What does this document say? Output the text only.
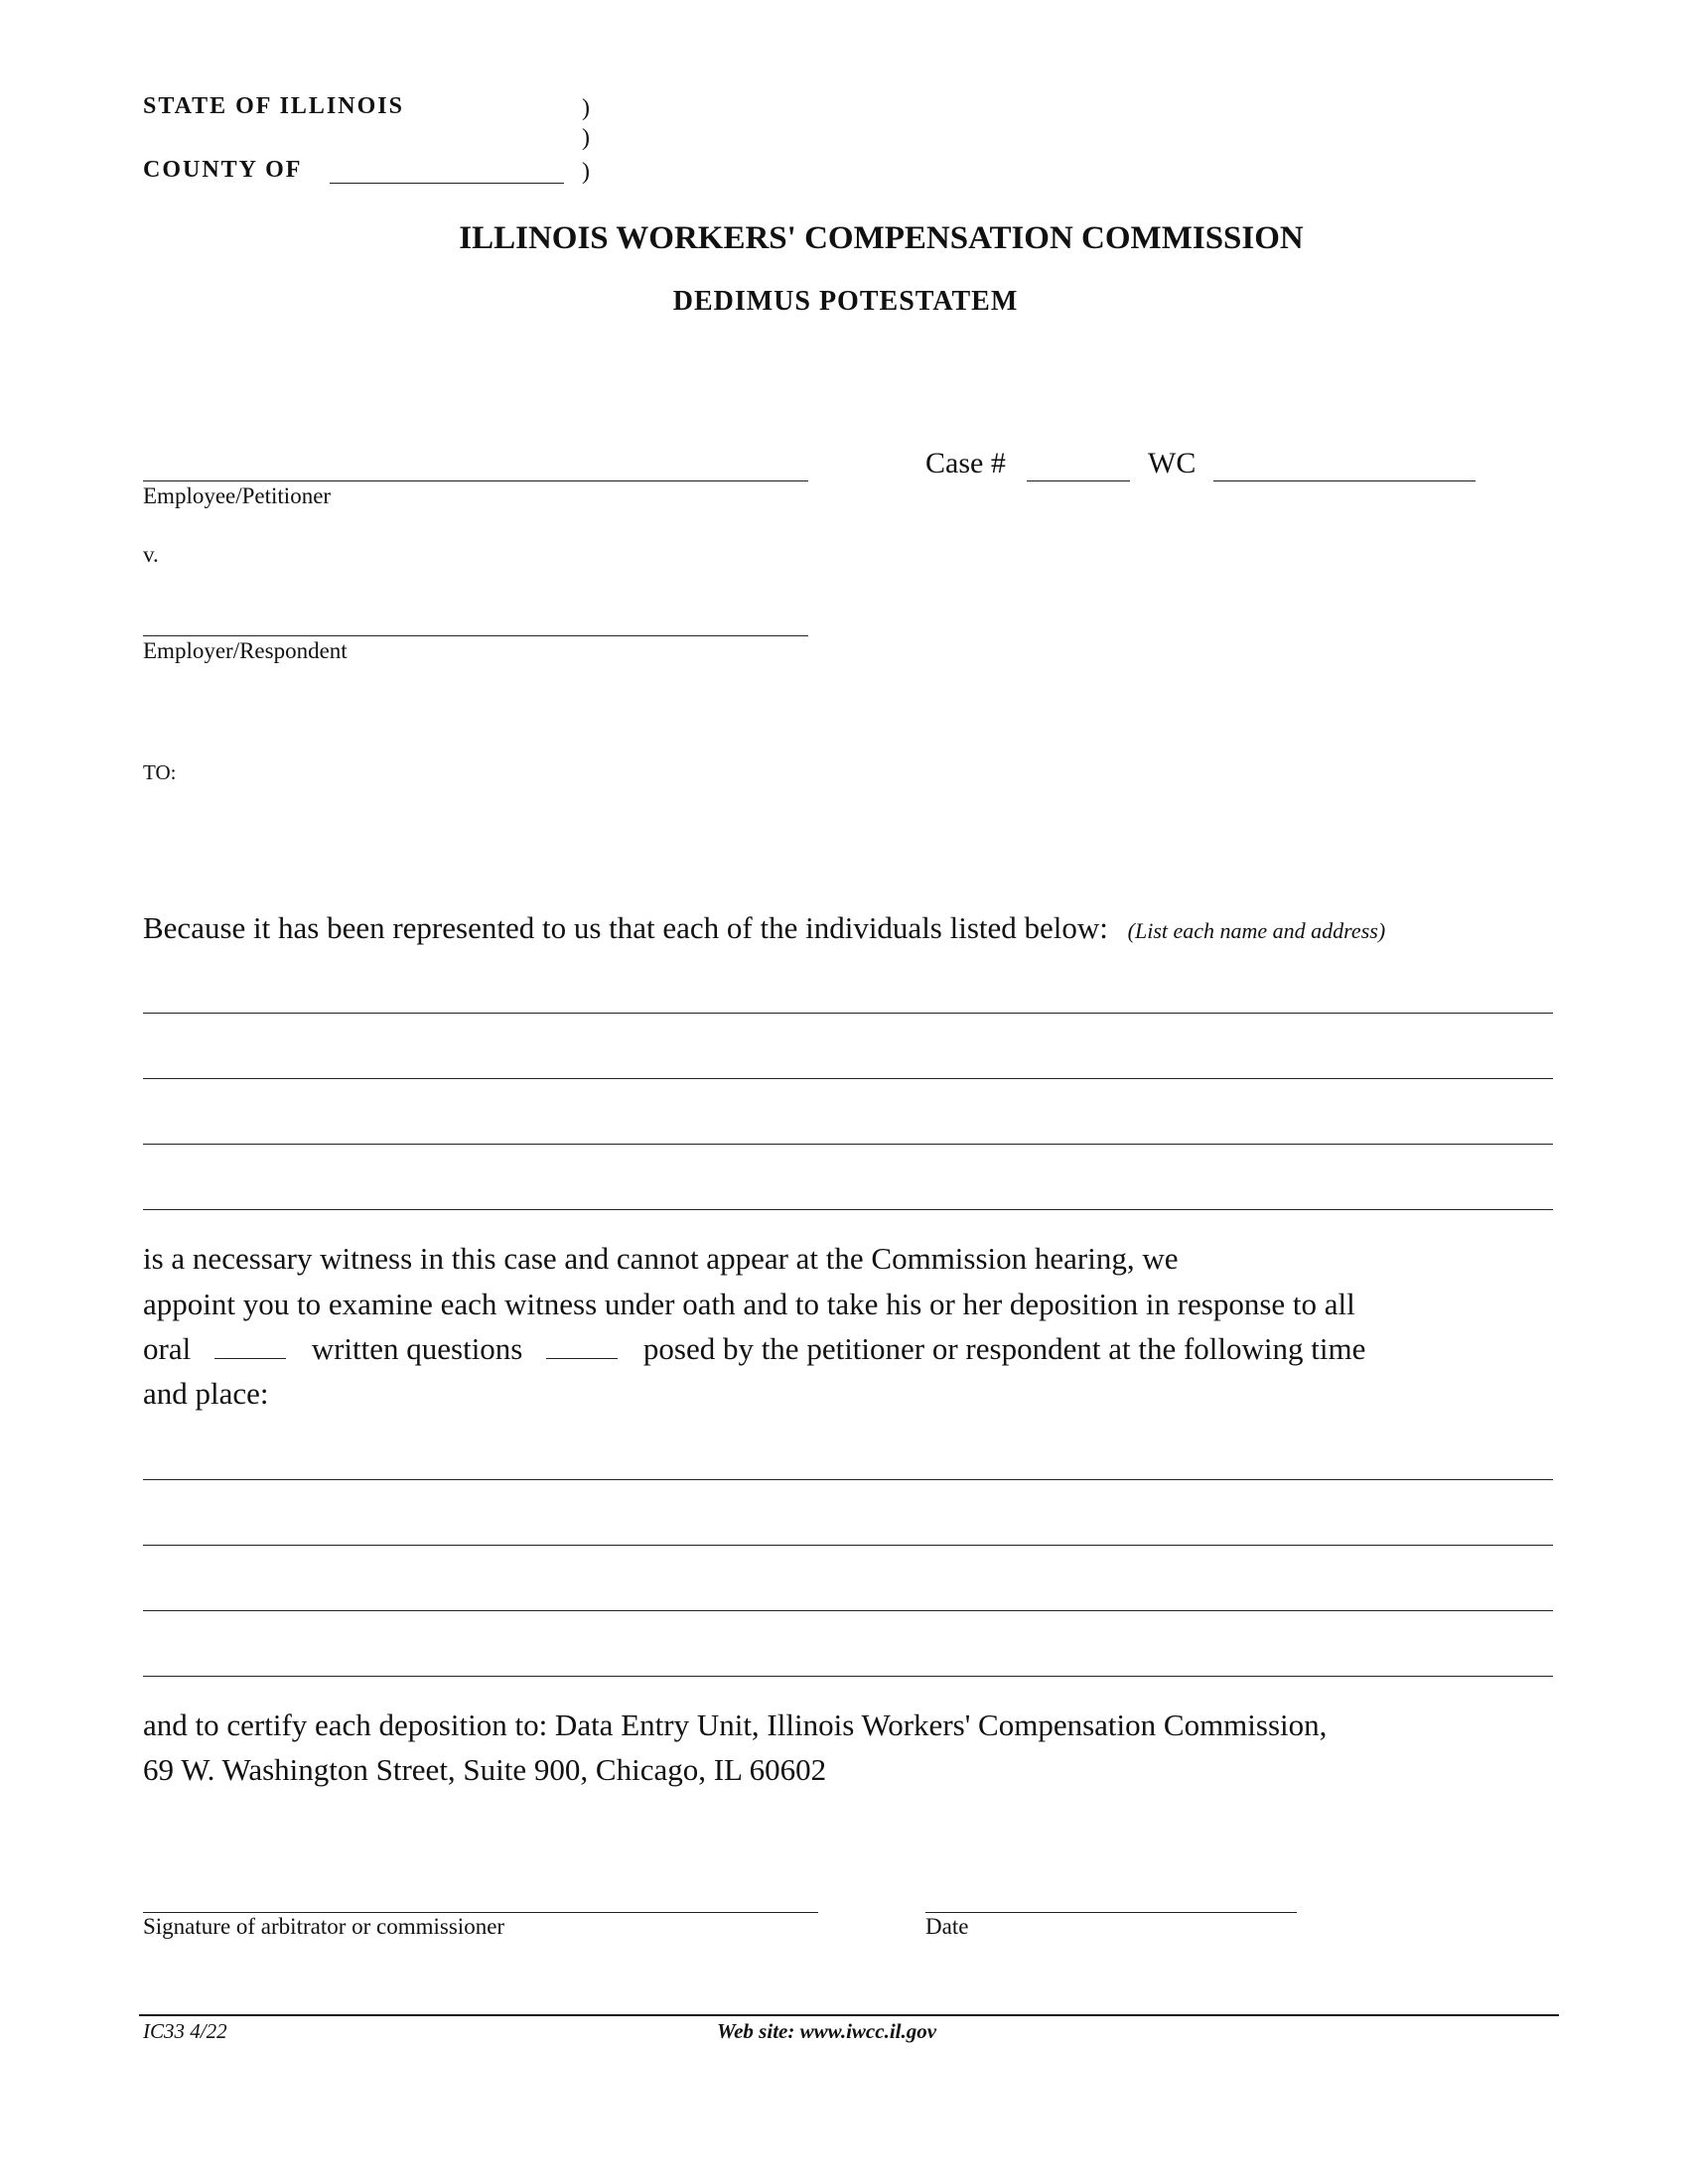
STATE OF ILLINOIS	)
)
COUNTY OF	)
ILLINOIS WORKERS' COMPENSATION COMMISSION
DEDIMUS POTESTATEM
Employee/Petitioner
Case #	WC
v.
Employer/Respondent
TO:
Because it has been represented to us that each of the individuals listed below: (List each name and address)
is a necessary witness in this case and cannot appear at the Commission hearing, we
appoint you to examine each witness under oath and to take his or her deposition in response to all
oral	written questions	posed by the petitioner or respondent at the following time
and place:
and to certify each deposition to: Data Entry Unit, Illinois Workers' Compensation Commission,
69 W. Washington Street, Suite 900, Chicago, IL 60602
Signature of arbitrator or commissioner	Date
IC33 4/22	Web site: www.iwcc.il.gov
